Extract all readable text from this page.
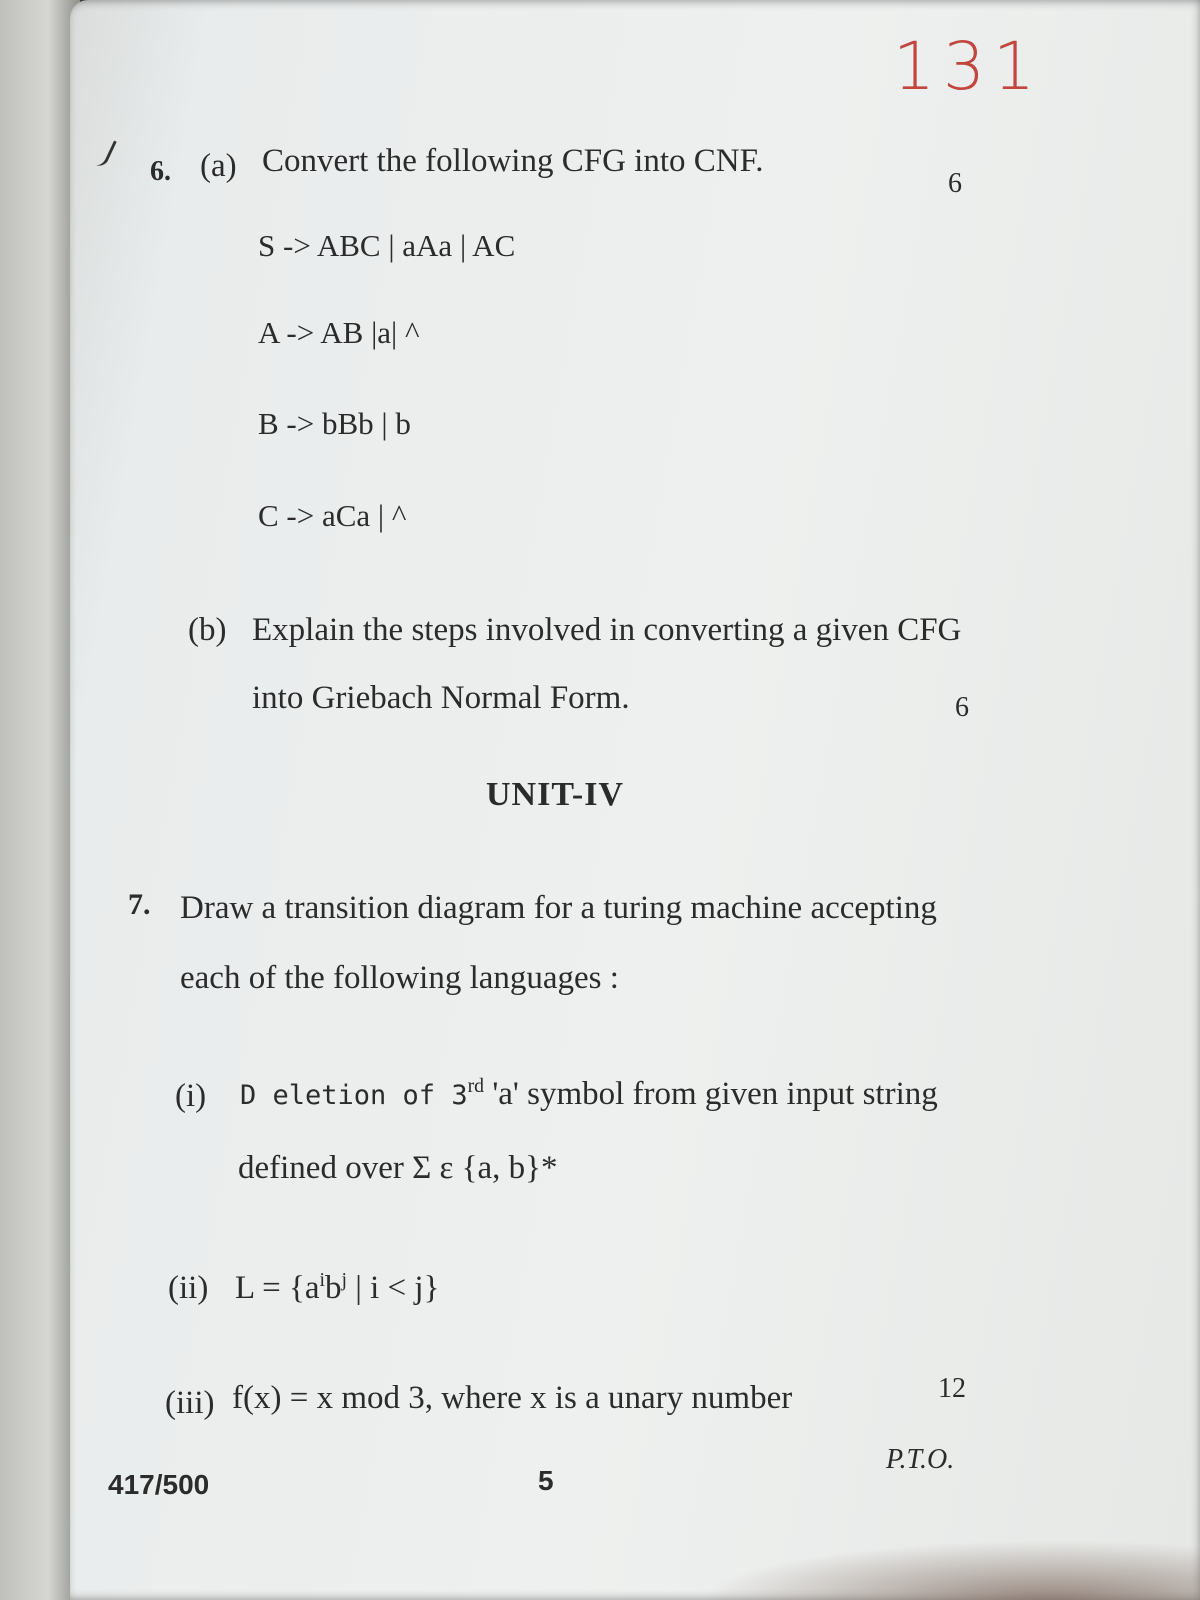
131
6. (a) Convert the following CFG into CNF.
6
S -> ABC | aAa | AC
A -> AB |a| ^
B -> bBb | b
C -> aCa | ^
(b) Explain the steps involved in converting a given CFG
into Griebach Normal Form.	6
UNIT-IV
7. Draw a transition diagram for a turing machine accepting
each of the following languages :
(i) D eletion of 3rd 'a' symbol from given input string
defined over Σ ε {a, b}*
(ii) $L = \{a^ib^j$ | i < j}
(iii) f(x) = x mod 3, where x is a unary number	12
417/500	5
P.T.O.
